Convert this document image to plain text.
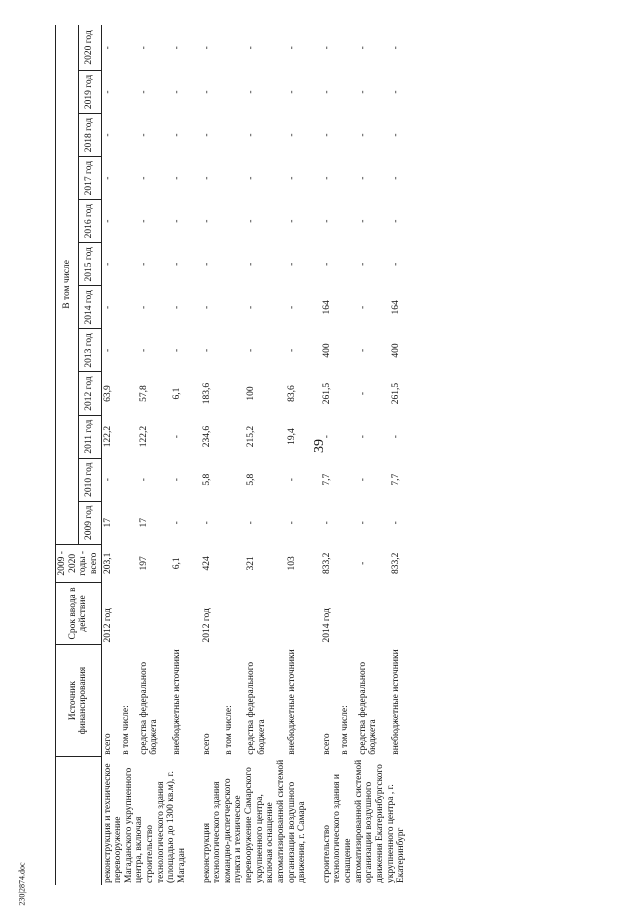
39
230|2874.doc
	Источник финансирования	Срок ввода в действие	2009 - 2020 годы - всего	В том числе											
				2009 год	2010 год	2011 год	2012 год	2013 год	2014 год	2015 год	2016 год	2017 год	2018 год	2019 год	2020 год
реконструкция и техническое перевооружение Магаданского укрупненного центра, включая строительство технологического здания (площадью до 1300 кв.м), г. Магадан	всего	2012 год	203,1	17	-	122,2	63,9	-	-	-	-	-	-	-	-
	в том числе:														
	средства федерального бюджета		197	17	-	122,2	57,8	-	-	-	-	-	-	-	-
	внебюджетные источники		6,1	-	-	-	6,1	-	-	-	-	-	-	-	-

реконструкция технологического здания командно-диспетчерского пункта и техническое перевооружение Самарского укрупненного центра, включая оснащение автоматизированной системой организации воздушного движения, г. Самара	всего	2012 год	424	-	5,8	234,6	183,6	-	-	-	-	-	-	-	-
	в том числе:														
	средства федерального бюджета		321	-	5,8	215,2	100	-	-	-	-	-	-	-	-
	внебюджетные источники		103	-	-	19,4	83,6	-	-	-	-	-	-	-	-

строительство технологического здания и оснащение автоматизированной системой организации воздушного движения Екатеринбургского укрупненного центра , г. Екатеринбург	всего	2014 год	833,2	-	7,7	-	261,5	400	164	-	-	-	-	-	-
	в том числе:														
	средства федерального бюджета		-	-	-	-	-	-	-	-	-	-	-	-	-
	внебюджетные источники		833,2	-	7,7	-	261,5	400	164	-	-	-	-	-	-
